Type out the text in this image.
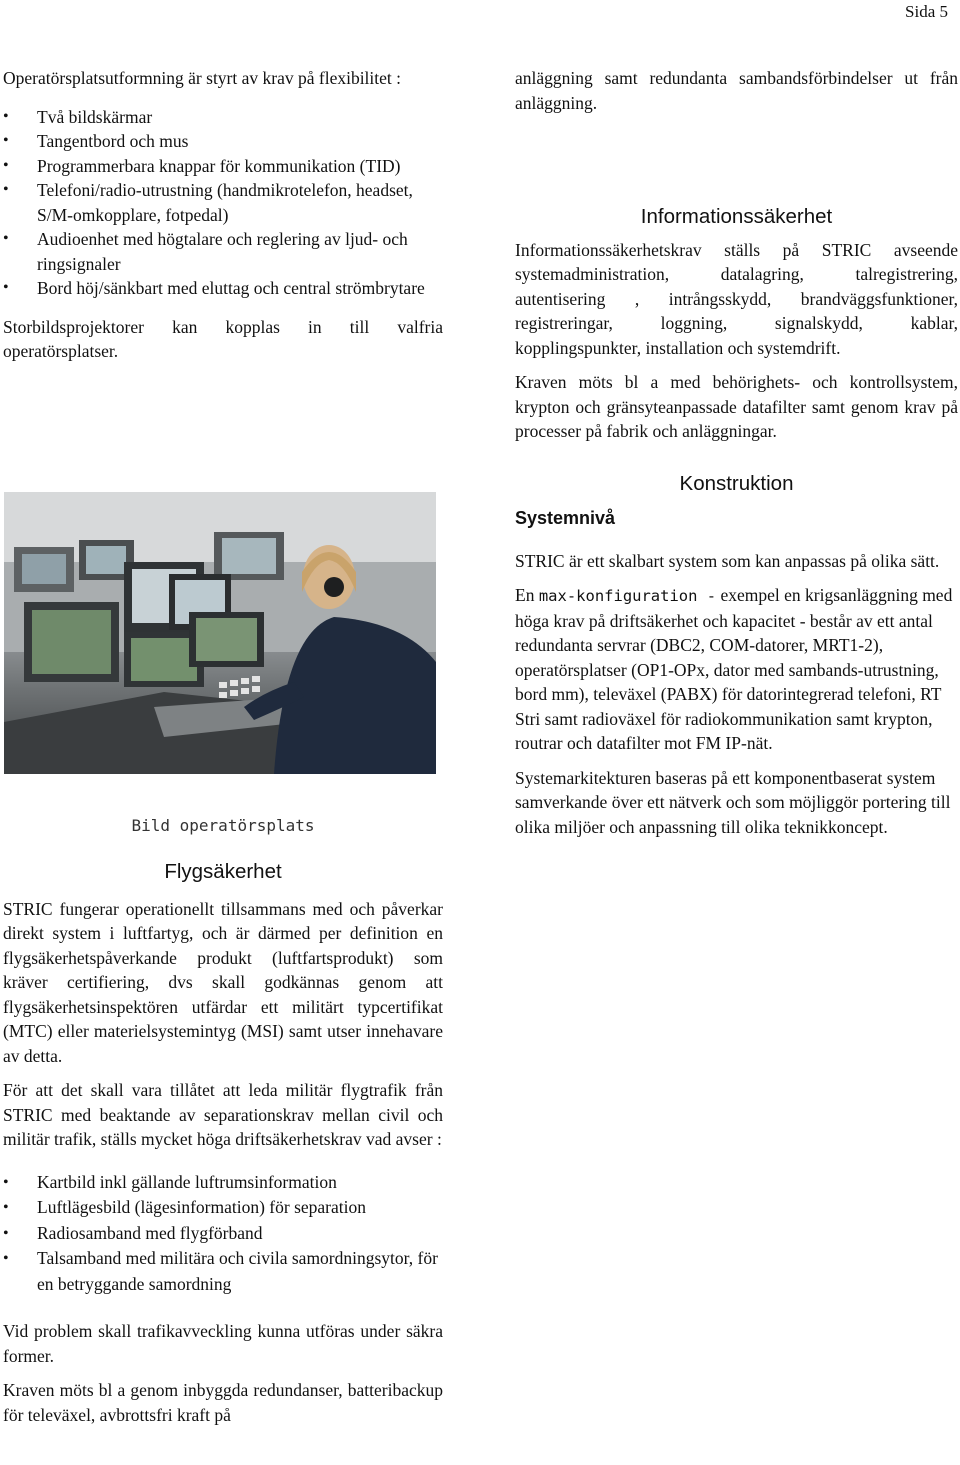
Sida 5

Operatörsplatsutformning är styrt av krav på flexibilitet :

• Två bildskärmar
• Tangentbord och mus
• Programmerbara knappar för kommunikation (TID)
• Telefoni/radio-utrustning (handmikrotelefon, headset, S/M-omkopplare, fotpedal)
• Audioenhet med högtalare och reglering av ljud- och ringsignaler
• Bord höj/sänkbart med eluttag och central strömbrytare

Storbildsprojektorer kan kopplas in till valfria operatörsplatser.

Bild operatörsplats
Flygsäkerhet

STRIC fungerar operationellt tillsammans med och påverkar direkt system i luftfartyg, och är därmed per definition en flygsäkerhetspåverkande produkt (luftfartsprodukt) som kräver certifiering, dvs skall godkännas genom att flygsäkerhetsinspektören utfärdar ett militärt typcertifikat (MTC) eller materielsystemintyg (MSI) samt utser innehavare av detta.

För att det skall vara tillåtet att leda militär flygtrafik från STRIC med beaktande av separationskrav mellan civil och militär trafik, ställs mycket höga driftsäkerhetskrav vad avser :

• Kartbild inkl gällande luftrumsinformation
• Luftlägesbild (lägesinformation) för separation
• Radiosamband med flygförband
• Talsamband med militära och civila samordningsytor, för en betryggande samordning

Vid problem skall trafikavveckling kunna utföras under säkra former.

Kraven möts bl a genom inbyggda redundanser, batteribackup för televäxel, avbrottsfri kraft på

anläggning samt redundanta sambandsförbindelser ut från anläggning.

Informationssäkerhet

Informationssäkerhetskrav ställs på STRIC avseende systemadministration, datalagring, talregistrering, autentisering , intrångsskydd, brandväggsfunktioner, registreringar, loggning, signalskydd, kablar, kopplingspunkter, installation och systemdrift.

Kraven möts bl a med behörighets- och kontrollsystem, krypton och gränsyteanpassade datafilter samt genom krav på processer på fabrik och anläggningar.

Konstruktion
Systemnivå

STRIC är ett skalbart system som kan anpassas på olika sätt.

En max-konfiguration - exempel en krigsanläggning med höga krav på driftsäkerhet och kapacitet - består av ett antal redundanta servrar (DBC2, COM-datorer, MRT1-2), operatörsplatser (OP1-OPx, dator med sambands-utrustning, bord mm), televäxel (PABX) för datorintegrerad telefoni, RT Stri samt radioväxel för radiokommunikation samt krypton, routrar och datafilter mot FM IP-nät.

Systemarkitekturen baseras på ett komponentbaserat system samverkande över ett nätverk och som möjliggör portering till olika miljöer och anpassning till olika teknikkoncept.
